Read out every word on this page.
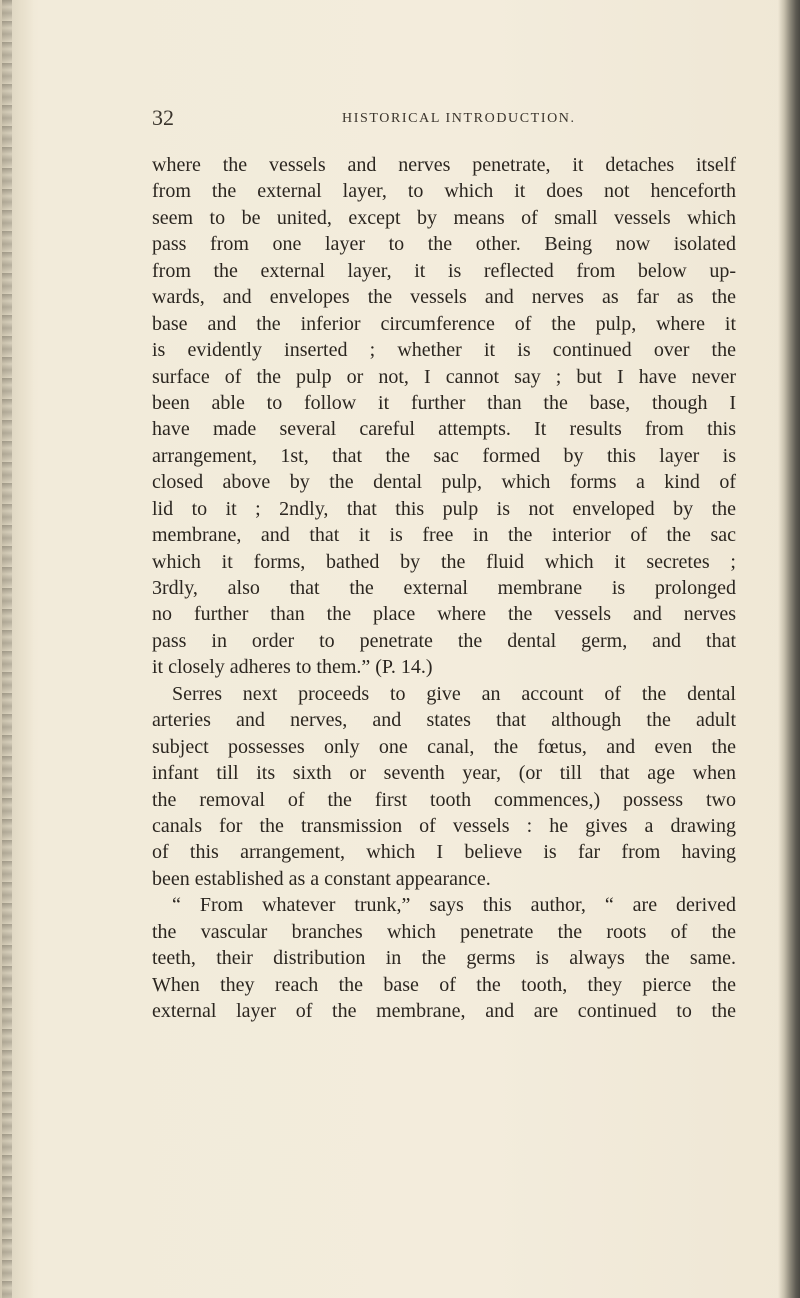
32	HISTORICAL INTRODUCTION.
where the vessels and nerves penetrate, it detaches itself
from the external layer, to which it does not henceforth
seem to be united, except by means of small vessels which
pass from one layer to the other. Being now isolated
from the external layer, it is reflected from below up-
wards, and envelopes the vessels and nerves as far as the
base and the inferior circumference of the pulp, where it
is evidently inserted ; whether it is continued over the
surface of the pulp or not, I cannot say ; but I have never
been able to follow it further than the base, though I
have made several careful attempts. It results from this
arrangement, 1st, that the sac formed by this layer is
closed above by the dental pulp, which forms a kind of
lid to it ; 2ndly, that this pulp is not enveloped by the
membrane, and that it is free in the interior of the sac
which it forms, bathed by the fluid which it secretes ;
3rdly, also that the external membrane is prolonged
no further than the place where the vessels and nerves
pass in order to penetrate the dental germ, and that
it closely adheres to them.” (P. 14.)
Serres next proceeds to give an account of the dental
arteries and nerves, and states that although the adult
subject possesses only one canal, the fœtus, and even the
infant till its sixth or seventh year, (or till that age when
the removal of the first tooth commences,) possess two
canals for the transmission of vessels : he gives a drawing
of this arrangement, which I believe is far from having
been established as a constant appearance.
“ From whatever trunk,” says this author, “ are derived
the vascular branches which penetrate the roots of the
teeth, their distribution in the germs is always the same.
When they reach the base of the tooth, they pierce the
external layer of the membrane, and are continued to the
